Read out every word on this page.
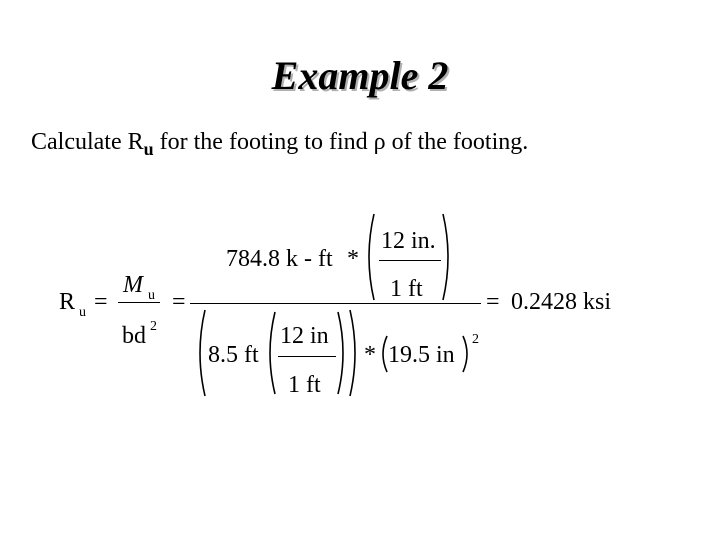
Example 2
Calculate $R_u$ for the footing to find ρ of the footing.
R u =
M u
bd 2
=
784.8 k - ft *
12 in.
1 ft
8.5 ft
12 in
1 ft
* 19.5 in
2
= 0.2428 ksi
